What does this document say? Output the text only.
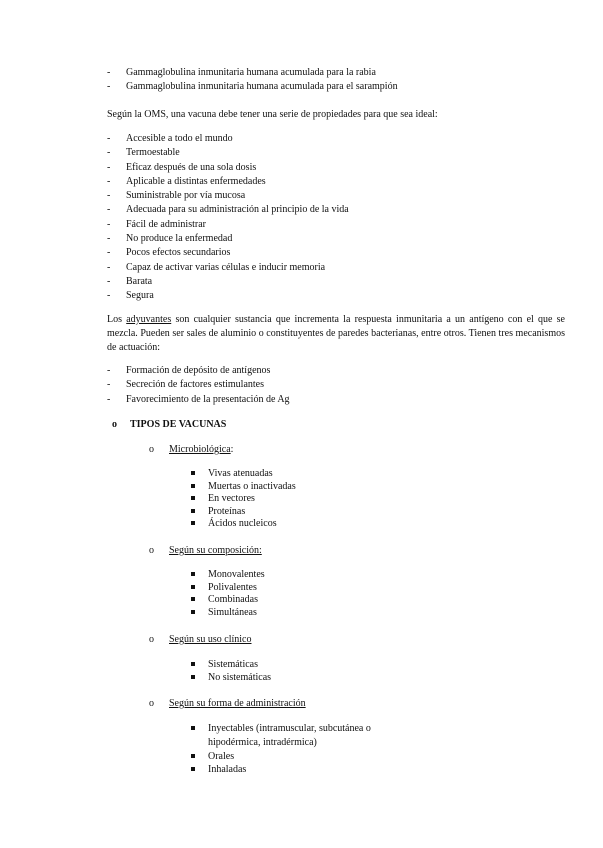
- Gammaglobulina inmunitaria humana acumulada para la rabia
- Gammaglobulina inmunitaria humana acumulada para el sarampión

Según la OMS, una vacuna debe tener una serie de propiedades para que sea ideal:

- Accesible a todo el mundo
- Termoestable
- Eficaz después de una sola dosis
- Aplicable a distintas enfermedades
- Suministrable por vía mucosa
- Adecuada para su administración al principio de la vida
- Fácil de administrar
- No produce la enfermedad
- Pocos efectos secundarios
- Capaz de activar varias células e inducir memoria
- Barata
- Segura

Los adyuvantes son cualquier sustancia que incrementa la respuesta inmunitaria a un antígeno con el que se mezcla. Pueden ser sales de aluminio o constituyentes de paredes bacterianas, entre otros. Tienen tres mecanismos de actuación:

- Formación de depósito de antígenos
- Secreción de factores estimulantes
- Favorecimiento de la presentación de Ag
o TIPOS DE VACUNAS
o Microbiológica:
Vivas atenuadas
Muertas o inactivadas
En vectores
Proteínas
Ácidos nucleicos
o Según su composición:
Monovalentes
Polivalentes
Combinadas
Simultáneas
o Según su uso clínico
Sistemáticas
No sistemáticas
o Según su forma de administración
Inyectables (intramuscular, subcutánea o hipodérmica, intradérmica)
Orales
Inhaladas
